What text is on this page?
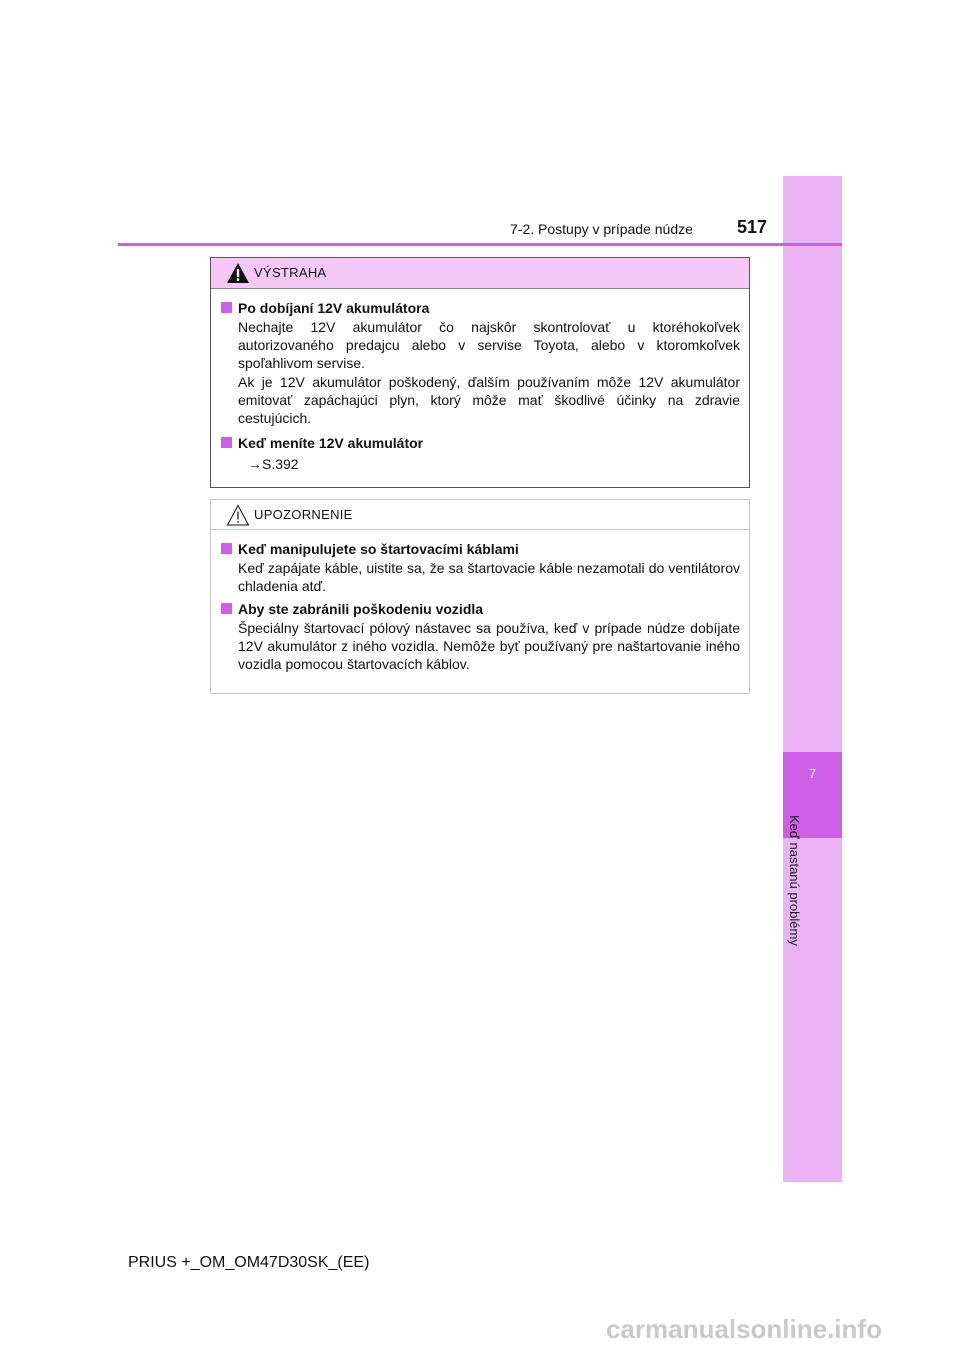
7
Keď nastanú problémy
7-2. Postupy v prípade núdze 517
VÝSTRAHA
Po dobíjaní 12V akumulátora
Nechajte 12V akumulátor čo najskôr skontrolovať u ktoréhokoľvek autorizovaného predajcu alebo v servise Toyota, alebo v ktoromkoľvek spoľahlivom servise.
Ak je 12V akumulátor poškodený, ďalším používaním môže 12V akumulátor emitovať zapáchajúci plyn, ktorý môže mať škodlivé účinky na zdravie cestujúcich.
Keď meníte 12V akumulátor
→S.392
UPOZORNENIE
Keď manipulujete so štartovacími káblami
Keď zapájate káble, uistite sa, že sa štartovacie káble nezamotali do ventilátorov chladenia atď.
Aby ste zabránili poškodeniu vozidla
Špeciálny štartovací pólový nástavec sa používa, keď v prípade núdze dobíjate 12V akumulátor z iného vozidla. Nemôže byť používaný pre naštartovanie iného vozidla pomocou štartovacích káblov.
PRIUS +_OM_OM47D30SK_(EE)
carmanualsonline.info
